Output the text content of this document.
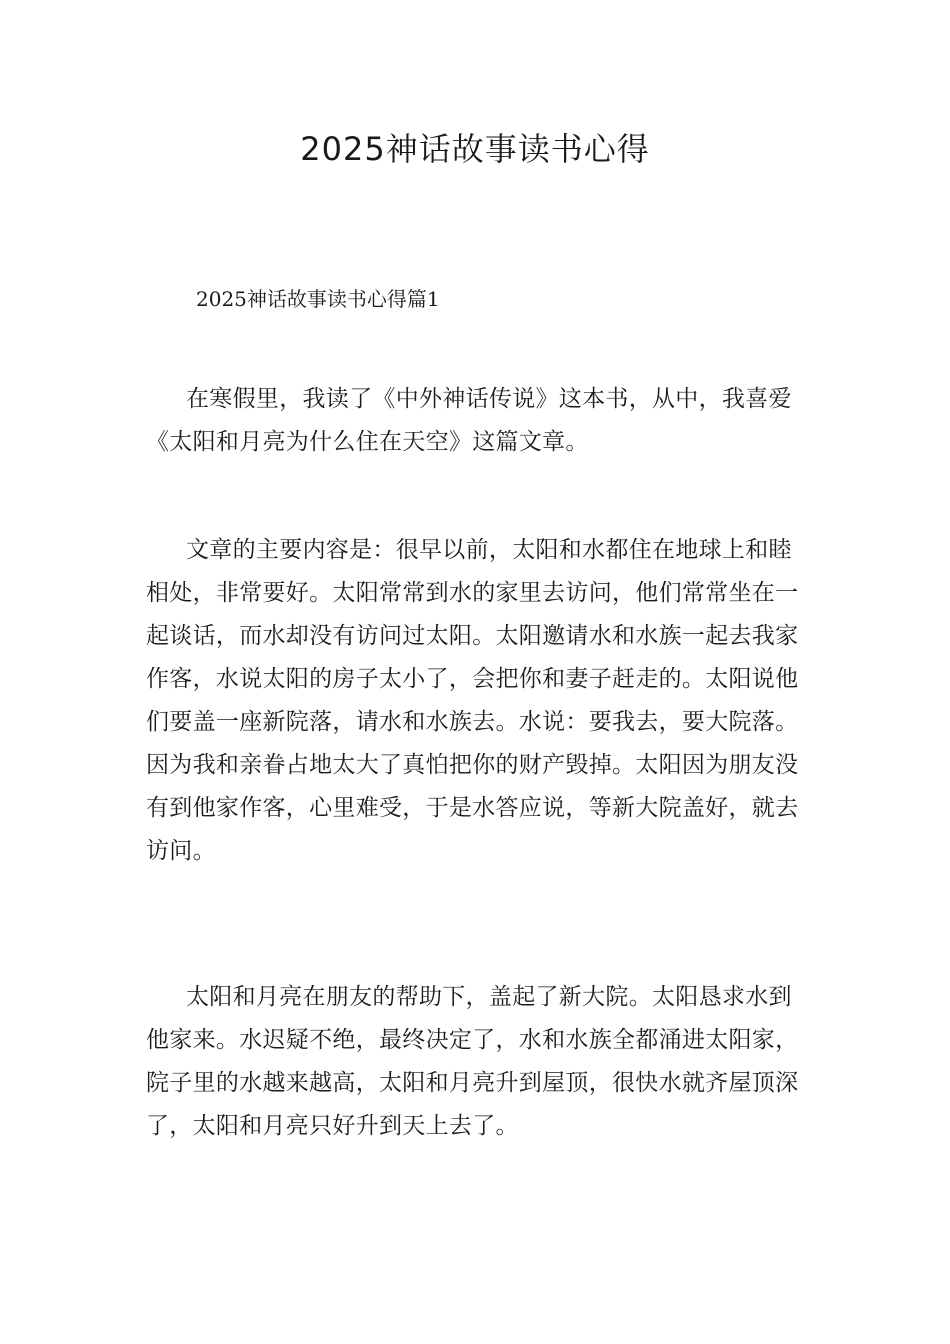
2025神话故事读书心得
2025神话故事读书心得篇1

在寒假里，我读了《中外神话传说》这本书，从中，我喜爱《太阳和月亮为什么住在天空》这篇文章。

文章的主要内容是：很早以前，太阳和水都住在地球上和睦相处，非常要好。太阳常常到水的家里去访问，他们常常坐在一起谈话，而水却没有访问过太阳。太阳邀请水和水族一起去我家作客，水说太阳的房子太小了，会把你和妻子赶走的。太阳说他们要盖一座新院落，请水和水族去。水说：要我去，要大院落。因为我和亲眷占地太大了真怕把你的财产毁掉。太阳因为朋友没有到他家作客，心里难受，于是水答应说，等新大院盖好，就去访问。

太阳和月亮在朋友的帮助下，盖起了新大院。太阳恳求水到他家来。水迟疑不绝，最终决定了，水和水族全都涌进太阳家，院子里的水越来越高，太阳和月亮升到屋顶，很快水就齐屋顶深了，太阳和月亮只好升到天上去了。
